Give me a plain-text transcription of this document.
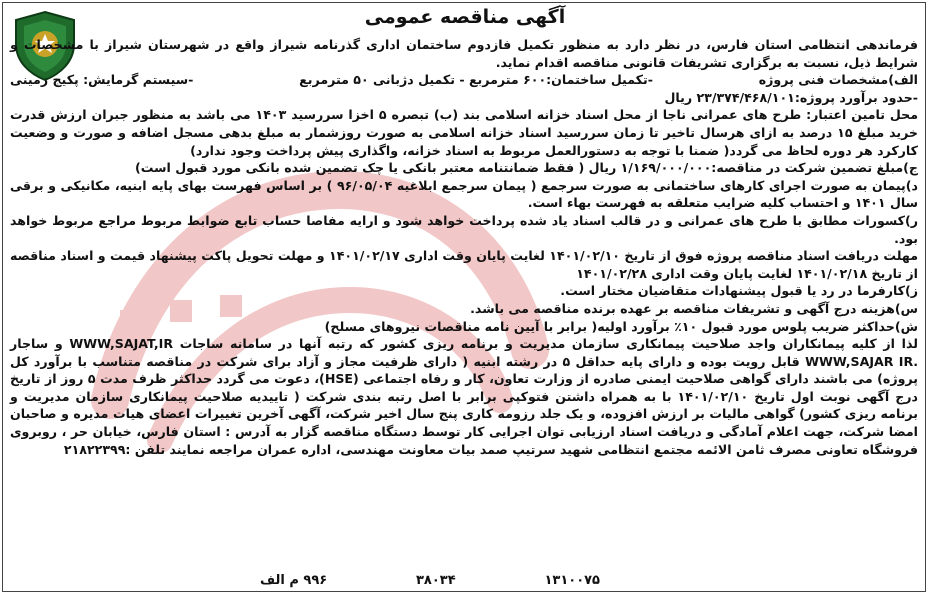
آگهی مناقصه عمومی

فرماندهی انتظامی استان فارس، در نظر دارد به منظور تکمیل فازدوم ساختمان اداری گذرنامه شیراز واقع در شهرستان شیراز با مشخصات و شرایط ذیل، نسبت به برگزاری تشریفات قانونی مناقصه اقدام نماید.

الف)مشخصات فنی پروژه
-تکمیل ساختمان:۶۰۰ مترمربع - تکمیل دژبانی ۵۰ مترمربع
-سیستم گرمایش: پکیج زمینی

-حدود برآورد پروژه:۲۳/۳۷۴/۴۶۸/۱۰۱ ریال

محل تامین اعتبار: طرح های عمرانی ناجا از محل اسناد خزانه اسلامی بند (ب) تبصره ۵ اخزا سررسید ۱۴۰۳ می باشد به منظور جبران ارزش قدرت خرید مبلغ ۱۵ درصد به ازای هرسال تاخیر تا زمان سررسید اسناد خزانه اسلامی به صورت روزشمار به مبلغ بدهی مسجل اضافه و صورت و وضعیت کارکرد هر دوره لحاظ می گردد( ضمنا با توجه به دستورالعمل مربوط به اسناد خزانه، واگذاری پیش پرداخت وجود ندارد)

ج)مبلغ تضمین شرکت در مناقصه:۱/۱۶۹/۰۰۰/۰۰۰ ریال ( فقط ضمانتنامه معتبر بانکی یا چک تضمین شده بانکی مورد قبول است)

د)پیمان به صورت اجرای کارهای ساختمانی به صورت سرجمع ( پیمان سرجمع ابلاغیه ۹۶/۰۵/۰۴ ) بر اساس فهرست بهای پایه ابنیه، مکانیکی و برقی سال ۱۴۰۱ و احتساب کلیه ضرایب متعلقه به فهرست بهاء است.

ر)کسورات مطابق با طرح های عمرانی و در قالب اسناد یاد شده پرداخت خواهد شود و ارایه مفاصا حساب تابع ضوابط مربوط مراجع مربوط خواهد بود.

مهلت دریافت اسناد مناقصه پروژه فوق از تاریخ ۱۴۰۱/۰۲/۱۰ لغایت پایان وقت اداری ۱۴۰۱/۰۲/۱۷ و مهلت تحویل پاکت پیشنهاد قیمت و اسناد مناقصه از تاریخ ۱۴۰۱/۰۲/۱۸ لغایت پایان وقت اداری ۱۴۰۱/۰۲/۲۸

ز)کارفرما در رد یا قبول پیشنهادات متقاضیان مختار است.

س)هزینه درج آگهی و تشریفات مناقصه بر عهده برنده مناقصه می باشد.

ش)حداکثر ضریب پلوس مورد قبول ۱۰٪ برآورد اولیه( برابر با آیین نامه مناقصات نیروهای مسلح)

لذا از کلیه پیمانکاران واجد صلاحیت پیمانکاری سازمان مدیریت و برنامه ریزی کشور که رتبه آنها در سامانه ساجات WWW,SAJAT,IR و ساجار .WWW,SAJAR IR قابل رویت بوده و دارای پایه حداقل ۵ در رشته ابنیه ( دارای ظرفیت مجاز و آزاد برای شرکت در مناقصه متناسب با برآورد کل پروژه) می باشند دارای گواهی صلاحیت ایمنی صادره از وزارت تعاون، کار و رفاه اجتماعی (HSE)، دعوت می گردد حداکثر ظرف مدت ۵ روز از تاریخ درج آگهی نوبت اول تاریخ ۱۴۰۱/۰۲/۱۰ با به همراه داشتن فتوکپی برابر با اصل رتبه بندی شرکت ( تاییدیه صلاحیت پیمانکاری سازمان مدیریت و برنامه ریزی کشور) گواهی مالیات بر ارزش افزوده، و یک جلد رزومه کاری پنج سال اخیر شرکت، آگهی آخرین تغییرات اعضای هیات مدیره و صاحبان امضا شرکت، جهت اعلام آمادگی و دریافت اسناد ارزیابی توان اجرایی کار توسط دستگاه مناقصه گزار به آدرس : استان فارس، خیابان حر ، روبروی فروشگاه تعاونی مصرف ثامن الائمه مجتمع انتظامی شهید سرتیپ صمد بیات معاونت مهندسی، اداره عمران مراجعه نمایند تلفن :۲۱۸۲۲۳۹۹

۱۳۱۰۰۷۵
۳۸۰۳۴
۹۹۶ م الف
